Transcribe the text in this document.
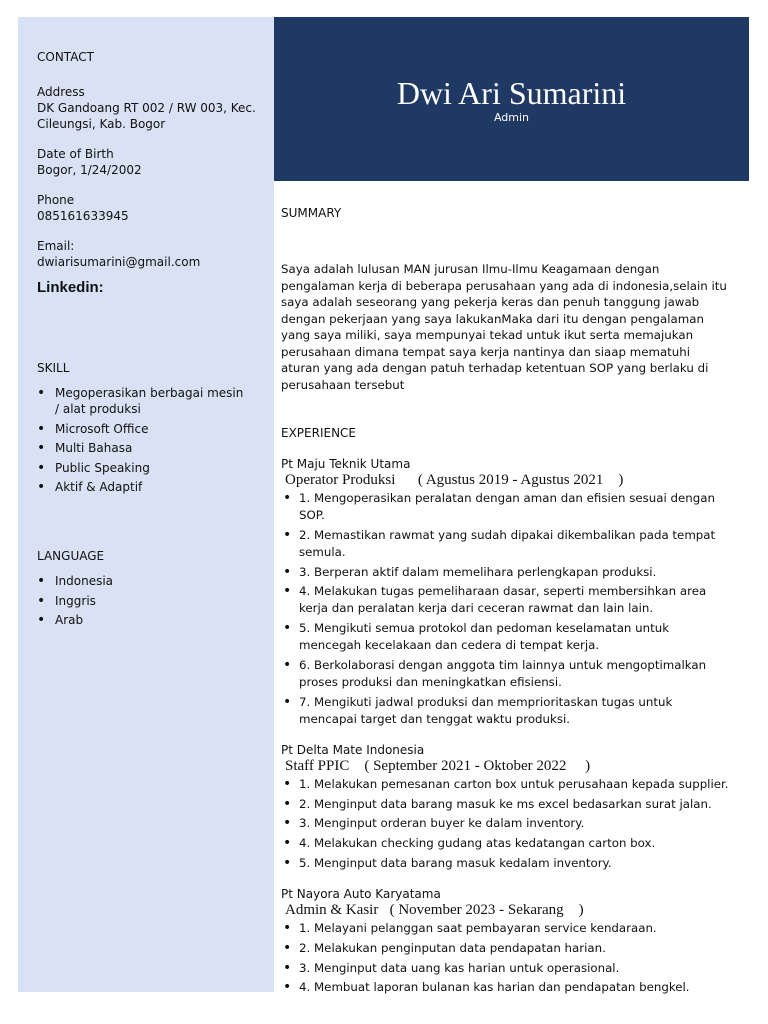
CONTACT
Address
DK Gandoang RT 002 / RW 003, Kec. Cileungsi, Kab. Bogor
Date of Birth
Bogor, 1/24/2002
Phone
085161633945
Email:
dwiarisumarini@gmail.com
Linkedin:
SKILL
• Megoperasikan berbagai mesin / alat produksi
• Microsoft Office
• Multi Bahasa
• Public Speaking
• Aktif & Adaptif
LANGUAGE
• Indonesia
• Inggris
• Arab
Dwi Ari Sumarini
Admin
SUMMARY

Saya adalah lulusan MAN jurusan Ilmu-Ilmu Keagamaan dengan pengalaman kerja di beberapa perusahaan yang ada di indonesia,selain itu saya adalah seseorang yang pekerja keras dan penuh tanggung jawab dengan pekerjaan yang saya lakukanMaka dari itu dengan pengalaman yang saya miliki, saya mempunyai tekad untuk ikut serta memajukan perusahaan dimana tempat saya kerja nantinya dan siaap mematuhi aturan yang ada dengan patuh terhadap ketentuan SOP yang berlaku di perusahaan tersebut

EXPERIENCE
Pt Maju Teknik Utama
Operator Produksi      ( Agustus 2019 - Agustus 2021    )
• 1. Mengoperasikan peralatan dengan aman dan efisien sesuai dengan SOP.
• 2. Memastikan rawmat yang sudah dipakai dikembalikan pada tempat semula.
• 3. Berperan aktif dalam memelihara perlengkapan produksi.
• 4. Melakukan tugas pemeliharaan dasar, seperti membersihkan area kerja dan peralatan kerja dari ceceran rawmat dan lain lain.
• 5. Mengikuti semua protokol dan pedoman keselamatan untuk mencegah kecelakaan dan cedera di tempat kerja.
• 6. Berkolaborasi dengan anggota tim lainnya untuk mengoptimalkan proses produksi dan meningkatkan efisiensi.
• 7. Mengikuti jadwal produksi dan memprioritaskan tugas untuk mencapai target dan tenggat waktu produksi.
Pt Delta Mate Indonesia
Staff PPIC    ( September 2021 - Oktober 2022     )
• 1. Melakukan pemesanan carton box untuk perusahaan kepada supplier.
• 2. Menginput data barang masuk ke ms excel bedasarkan surat jalan.
• 3. Menginput orderan buyer ke dalam inventory.
• 4. Melakukan checking gudang atas kedatangan carton box.
• 5. Menginput data barang masuk kedalam inventory.
Pt Nayora Auto Karyatama
Admin & Kasir   ( November 2023 - Sekarang    )
• 1. Melayani pelanggan saat pembayaran service kendaraan.
• 2. Melakukan penginputan data pendapatan harian.
• 3. Menginput data uang kas harian untuk operasional.
• 4. Membuat laporan bulanan kas harian dan pendapatan bengkel.
